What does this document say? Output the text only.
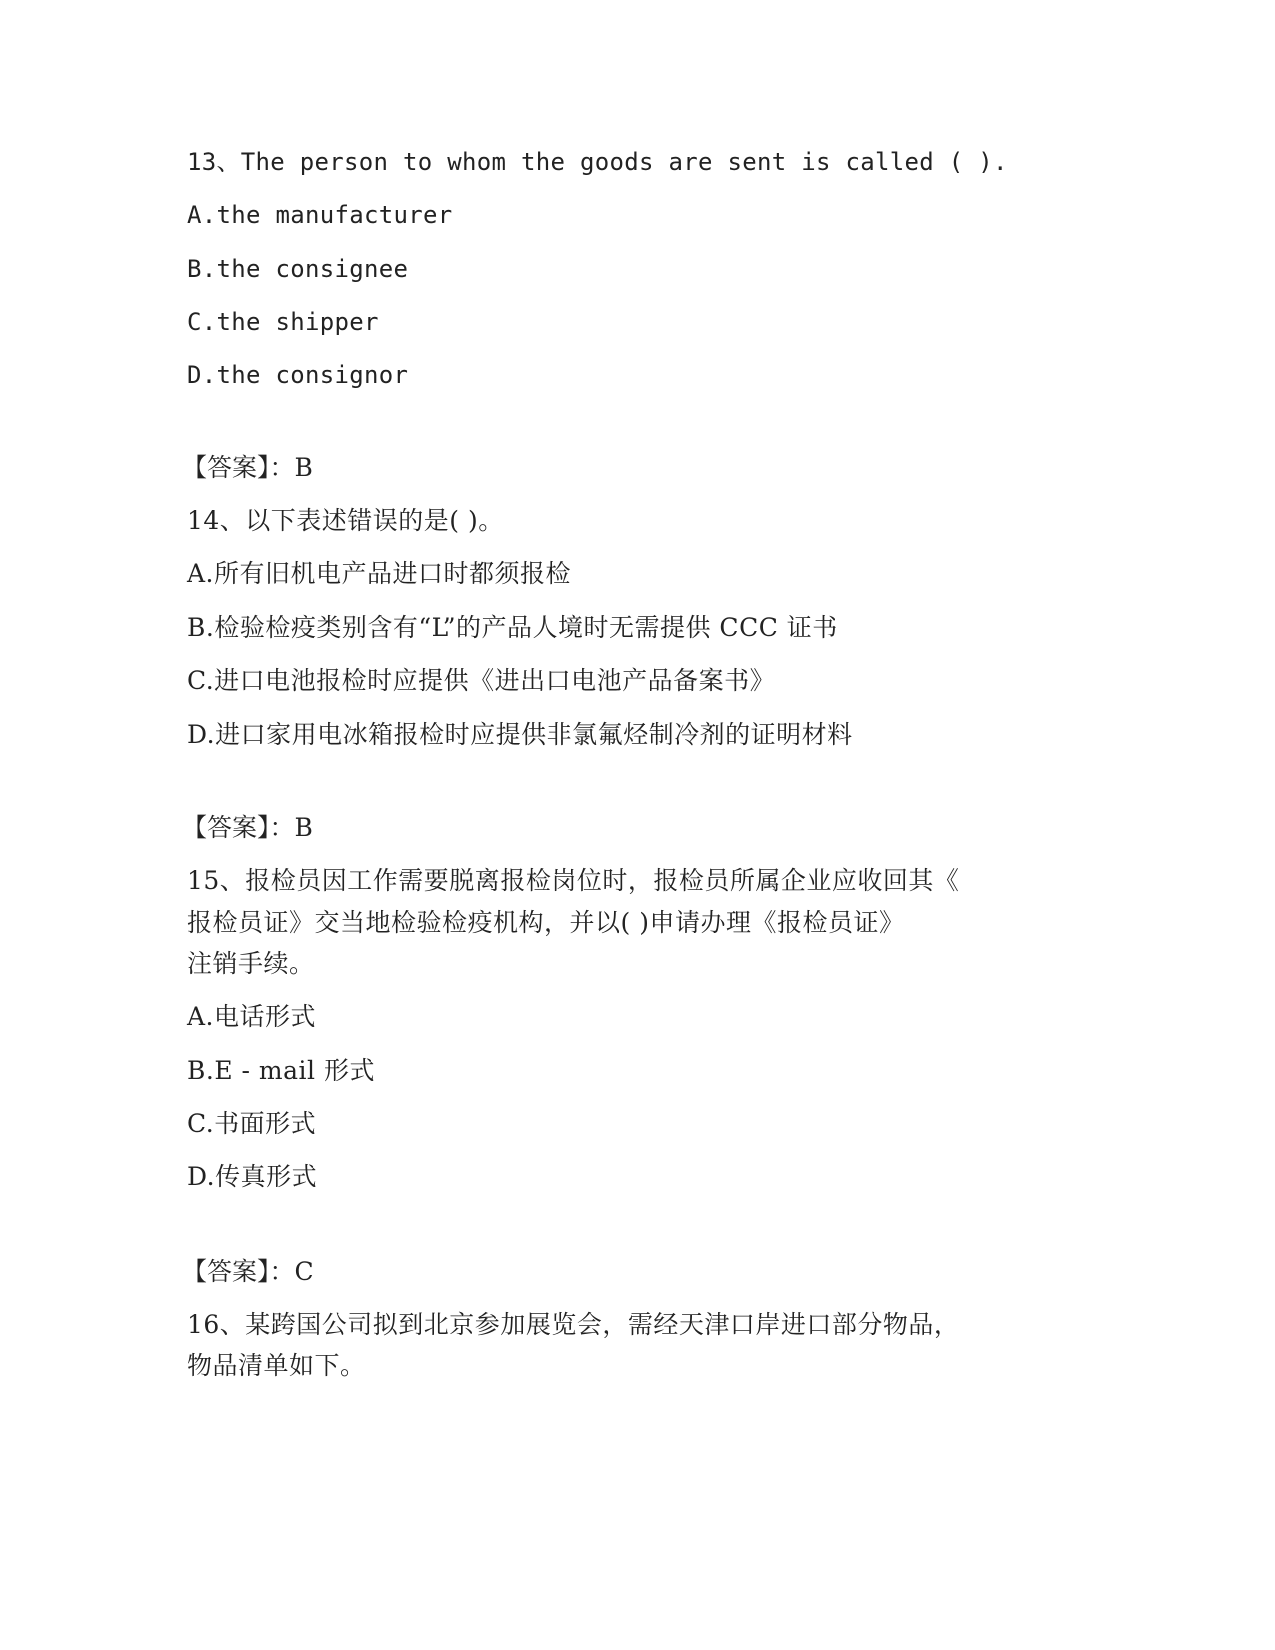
13、The person to whom the goods are sent is called ( ).
A.the manufacturer
B.the consignee
C.the shipper
D.the consignor
【答案】：B
14、以下表述错误的是( )。
A.所有旧机电产品进口时都须报检
B.检验检疫类别含有“L”的产品人境时无需提供 CCC 证书
C.进口电池报检时应提供《进出口电池产品备案书》
D.进口家用电冰箱报检时应提供非氯氟烃制冷剂的证明材料
【答案】：B
15、报检员因工作需要脱离报检岗位时，报检员所属企业应收回其《
报检员证》交当地检验检疫机构，并以( )申请办理《报检员证》
注销手续。
A.电话形式
B.E - mail 形式
C.书面形式
D.传真形式
【答案】：C
16、某跨国公司拟到北京参加展览会，需经天津口岸进口部分物品，
物品清单如下。
